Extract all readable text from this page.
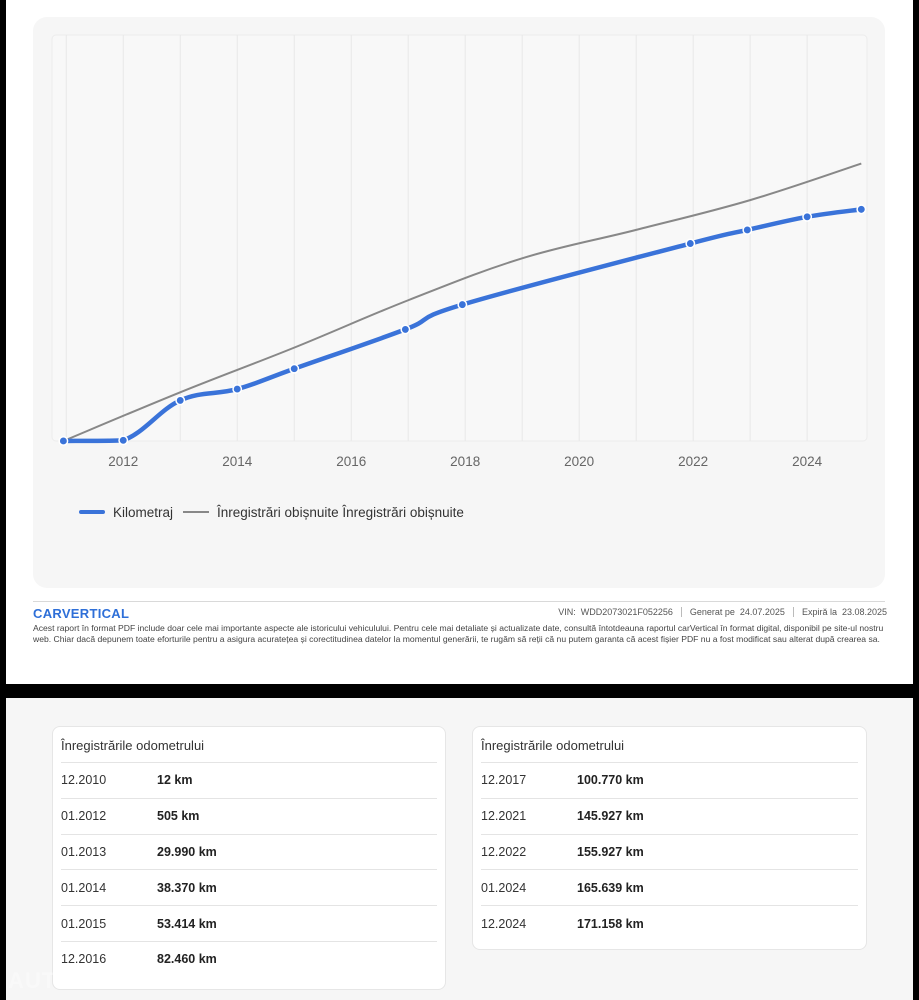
2012	2014	2016	2018	2020	2022	2024
Kilometraj	Înregistrări obișnuite Înregistrări obișnuite
CARVERTICAL	VIN: WDD2073021F052256 Generat pe 24.07.2025 Expiră la 23.08.2025
Acest raport în format PDF include doar cele mai importante aspecte ale istoricului vehiculului. Pentru cele mai detaliate și actualizate date, consultă întotdeauna raportul carVertical în format digital, disponibil pe site-ul nostru web. Chiar dacă depunem toate eforturile pentru a asigura acuratețea și corectitudinea datelor la momentul generării, te rugăm să reții că nu putem garanta că acest fișier PDF nu a fost modificat sau alterat după crearea sa.
Înregistrările odometrului
12.2010	12 km
01.2012	505 km
01.2013	29.990 km
01.2014	38.370 km
01.2015	53.414 km
12.2016	82.460 km
Înregistrările odometrului
12.2017	100.770 km
12.2021	145.927 km
12.2022	155.927 km
01.2024	165.639 km
12.2024	171.158 km
AUTOVIT.RO
